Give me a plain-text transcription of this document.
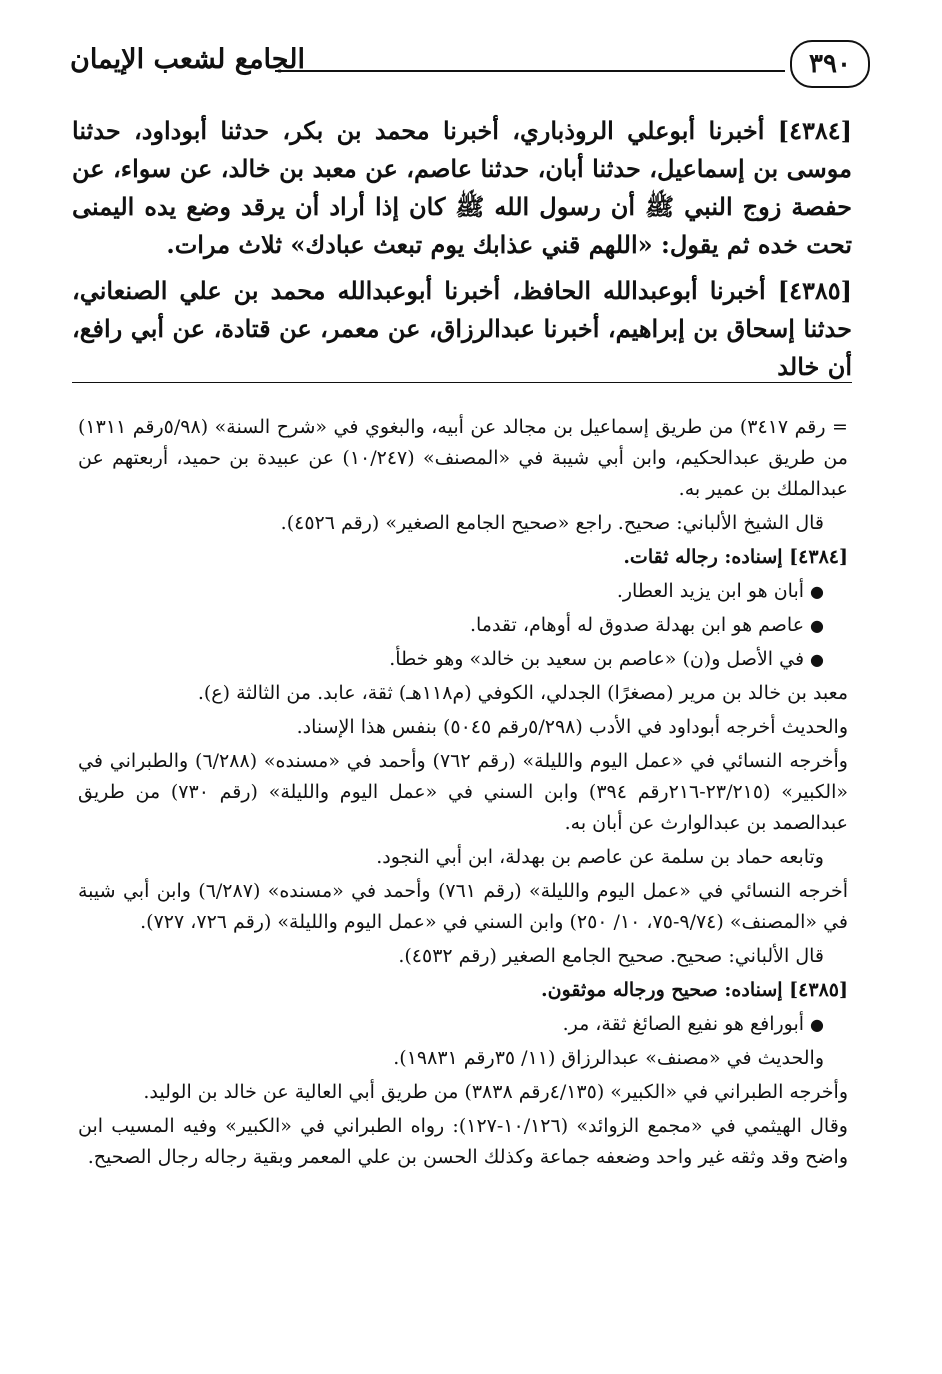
٣٩٠
الجامع لشعب الإيمان

[٤٣٨٤] أخبرنا أبوعلي الروذباري، أخبرنا محمد بن بكر، حدثنا أبوداود، حدثنا موسى بن إسماعيل، حدثنا أبان، حدثنا عاصم، عن معبد بن خالد، عن سواء، عن حفصة زوج النبي ﷺ أن رسول الله ﷺ كان إذا أراد أن يرقد وضع يده اليمنى تحت خده ثم يقول: «اللهم قني عذابك يوم تبعث عبادك» ثلاث مرات.

[٤٣٨٥] أخبرنا أبوعبدالله الحافظ، أخبرنا أبوعبدالله محمد بن علي الصنعاني، حدثنا إسحاق بن إبراهيم، أخبرنا عبدالرزاق، عن معمر، عن قتادة، عن أبي رافع، أن خالد

= رقم ٣٤١٧) من طريق إسماعيل بن مجالد عن أبيه، والبغوي في «شرح السنة» (٥/٩٨رقم ١٣١١) من طريق عبدالحكيم، وابن أبي شيبة في «المصنف» (١٠/٢٤٧) عن عبيدة بن حميد، أربعتهم عن عبدالملك بن عمير به.

قال الشيخ الألباني: صحيح. راجع «صحيح الجامع الصغير» (رقم ٤٥٢٦).

[٤٣٨٤] إسناده: رجاله ثقات.

●أبان هو ابن يزيد العطار.

●عاصم هو ابن بهدلة صدوق له أوهام، تقدما.

●في الأصل و(ن) «عاصم بن سعيد بن خالد» وهو خطأ.

معبد بن خالد بن مرير (مصغرًا) الجدلي، الكوفي (م١١٨هـ) ثقة، عابد. من الثالثة (ع).

والحديث أخرجه أبوداود في الأدب (٥/٢٩٨رقم ٥٠٤٥) بنفس هذا الإسناد.

وأخرجه النسائي في «عمل اليوم والليلة» (رقم ٧٦٢) وأحمد في «مسنده» (٦/٢٨٨) والطبراني في «الكبير» (٢٣/٢١٥-٢١٦رقم ٣٩٤) وابن السني في «عمل اليوم والليلة» (رقم ٧٣٠) من طريق عبدالصمد بن عبدالوارث عن أبان به.

وتابعه حماد بن سلمة عن عاصم بن بهدلة، ابن أبي النجود.

أخرجه النسائي في «عمل اليوم والليلة» (رقم ٧٦١) وأحمد في «مسنده» (٦/٢٨٧) وابن أبي شيبة في «المصنف» (٩/٧٤-٧٥، ١٠/ ٢٥٠) وابن السني في «عمل اليوم والليلة» (رقم ٧٢٦، ٧٢٧).

قال الألباني: صحيح. صحيح الجامع الصغير (رقم ٤٥٣٢).

[٤٣٨٥] إسناده: صحيح ورجاله موثقون.

●أبورافع هو نفيع الصائغ ثقة، مر.

والحديث في «مصنف» عبدالرزاق (١١/ ٣٥رقم ١٩٨٣١).

وأخرجه الطبراني في «الكبير» (٤/١٣٥رقم ٣٨٣٨) من طريق أبي العالية عن خالد بن الوليد.

وقال الهيثمي في «مجمع الزوائد» (١٠/١٢٦-١٢٧): رواه الطبراني في «الكبير» وفيه المسيب ابن واضح وقد وثقه غير واحد وضعفه جماعة وكذلك الحسن بن علي المعمر وبقية رجاله رجال الصحيح.
